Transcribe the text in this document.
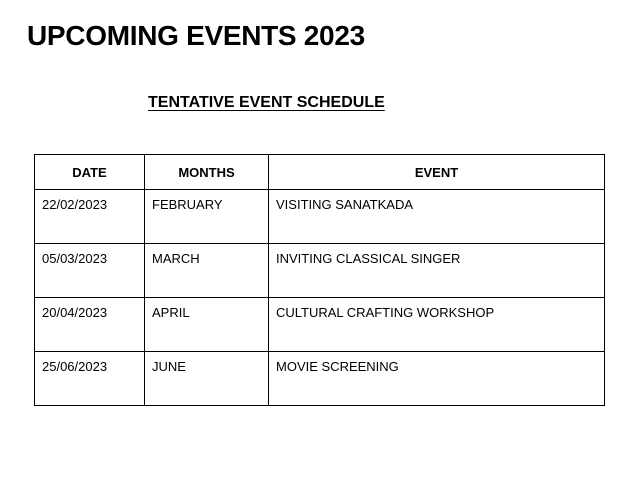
UPCOMING EVENTS 2023
TENTATIVE EVENT SCHEDULE
DATE	MONTHS	EVENT
22/02/2023	FEBRUARY	VISITING SANATKADA
05/03/2023	MARCH	INVITING CLASSICAL SINGER
20/04/2023	APRIL	CULTURAL CRAFTING WORKSHOP
25/06/2023	JUNE	MOVIE SCREENING
